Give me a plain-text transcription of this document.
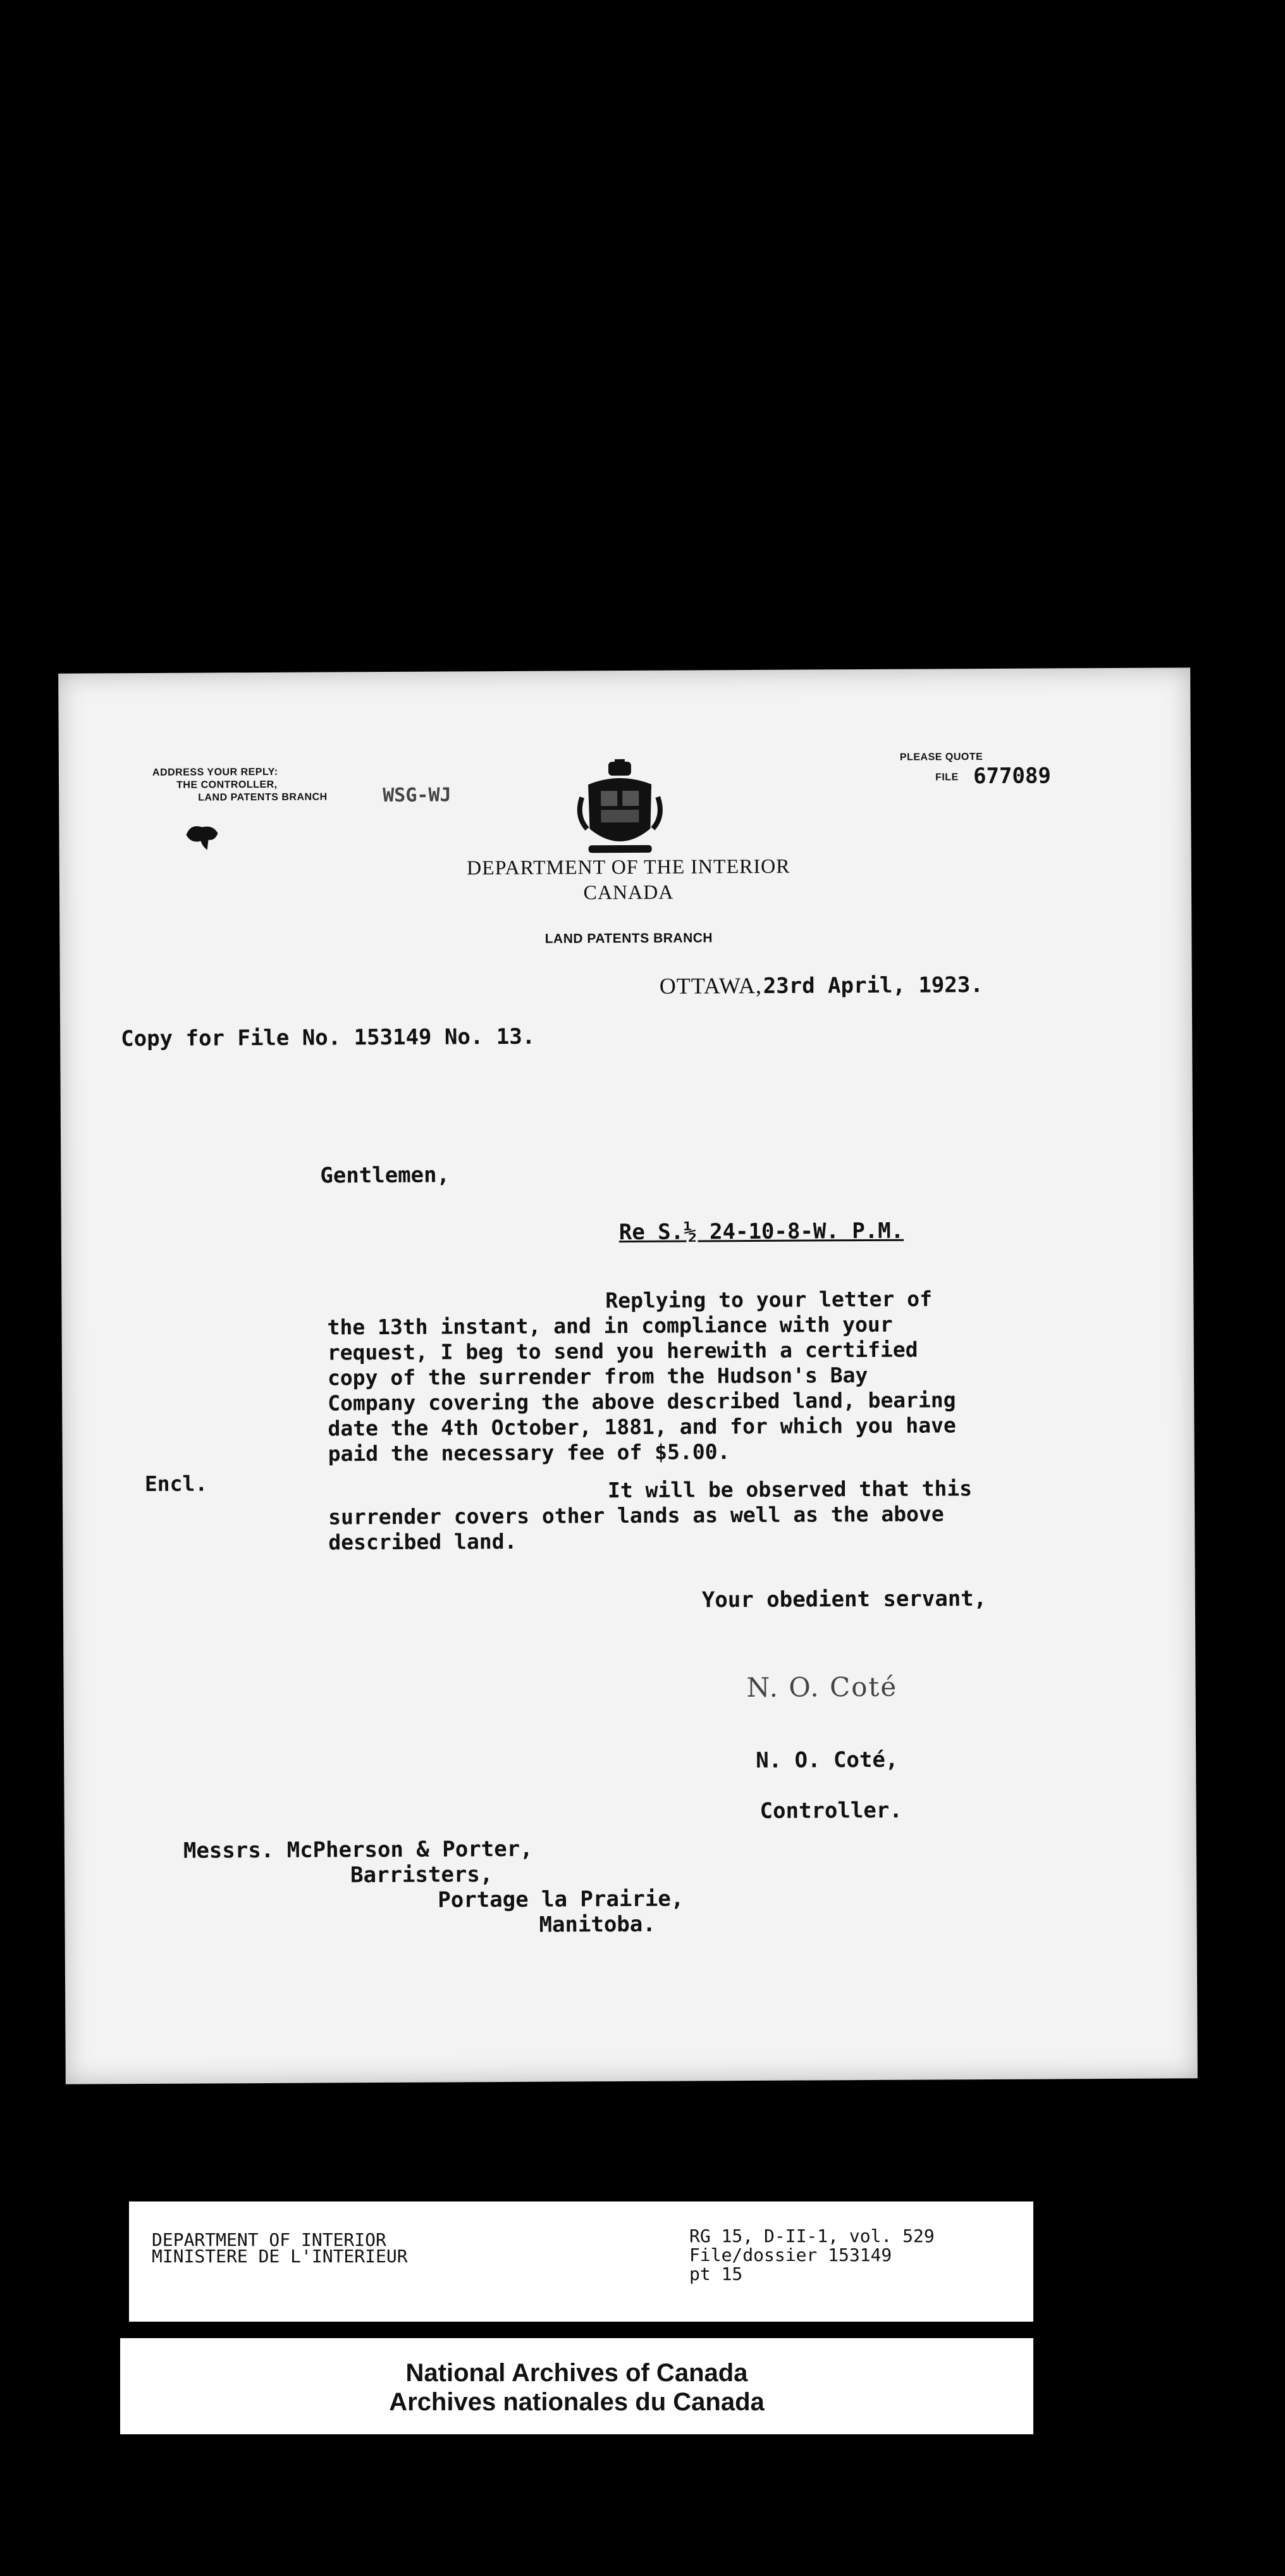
ADDRESS YOUR REPLY:
THE CONTROLLER,
LAND PATENTS BRANCH	WSG-WJ
PLEASE QUOTE
FILE 677089
DEPARTMENT OF THE INTERIOR
CANADA
LAND PATENTS BRANCH
OTTAWA, 23rd April, 1923.
Copy for File No. 153149 No. 13.
Gentlemen,
Re S.½ 24-10-8-W. P.M.
Replying to your letter of
the 13th instant, and in compliance with your
request, I beg to send you herewith a certified
copy of the surrender from the Hudson's Bay
Company covering the above described land, bearing
date the 4th October, 1881, and for which you have
paid the necessary fee of $5.00.
Encl.	It will be observed that this
surrender covers other lands as well as the above
described land.
Your obedient servant,
N. O. Coté
N. O. Coté,
Controller.
Messrs. McPherson & Porter,
Barristers,
Portage la Prairie,
Manitoba.
DEPARTMENT OF INTERIOR
MINISTERE DE L'INTERIEUR
RG 15, D-II-1, vol. 529
File/dossier 153149
pt 15
National Archives of Canada
Archives nationales du Canada
